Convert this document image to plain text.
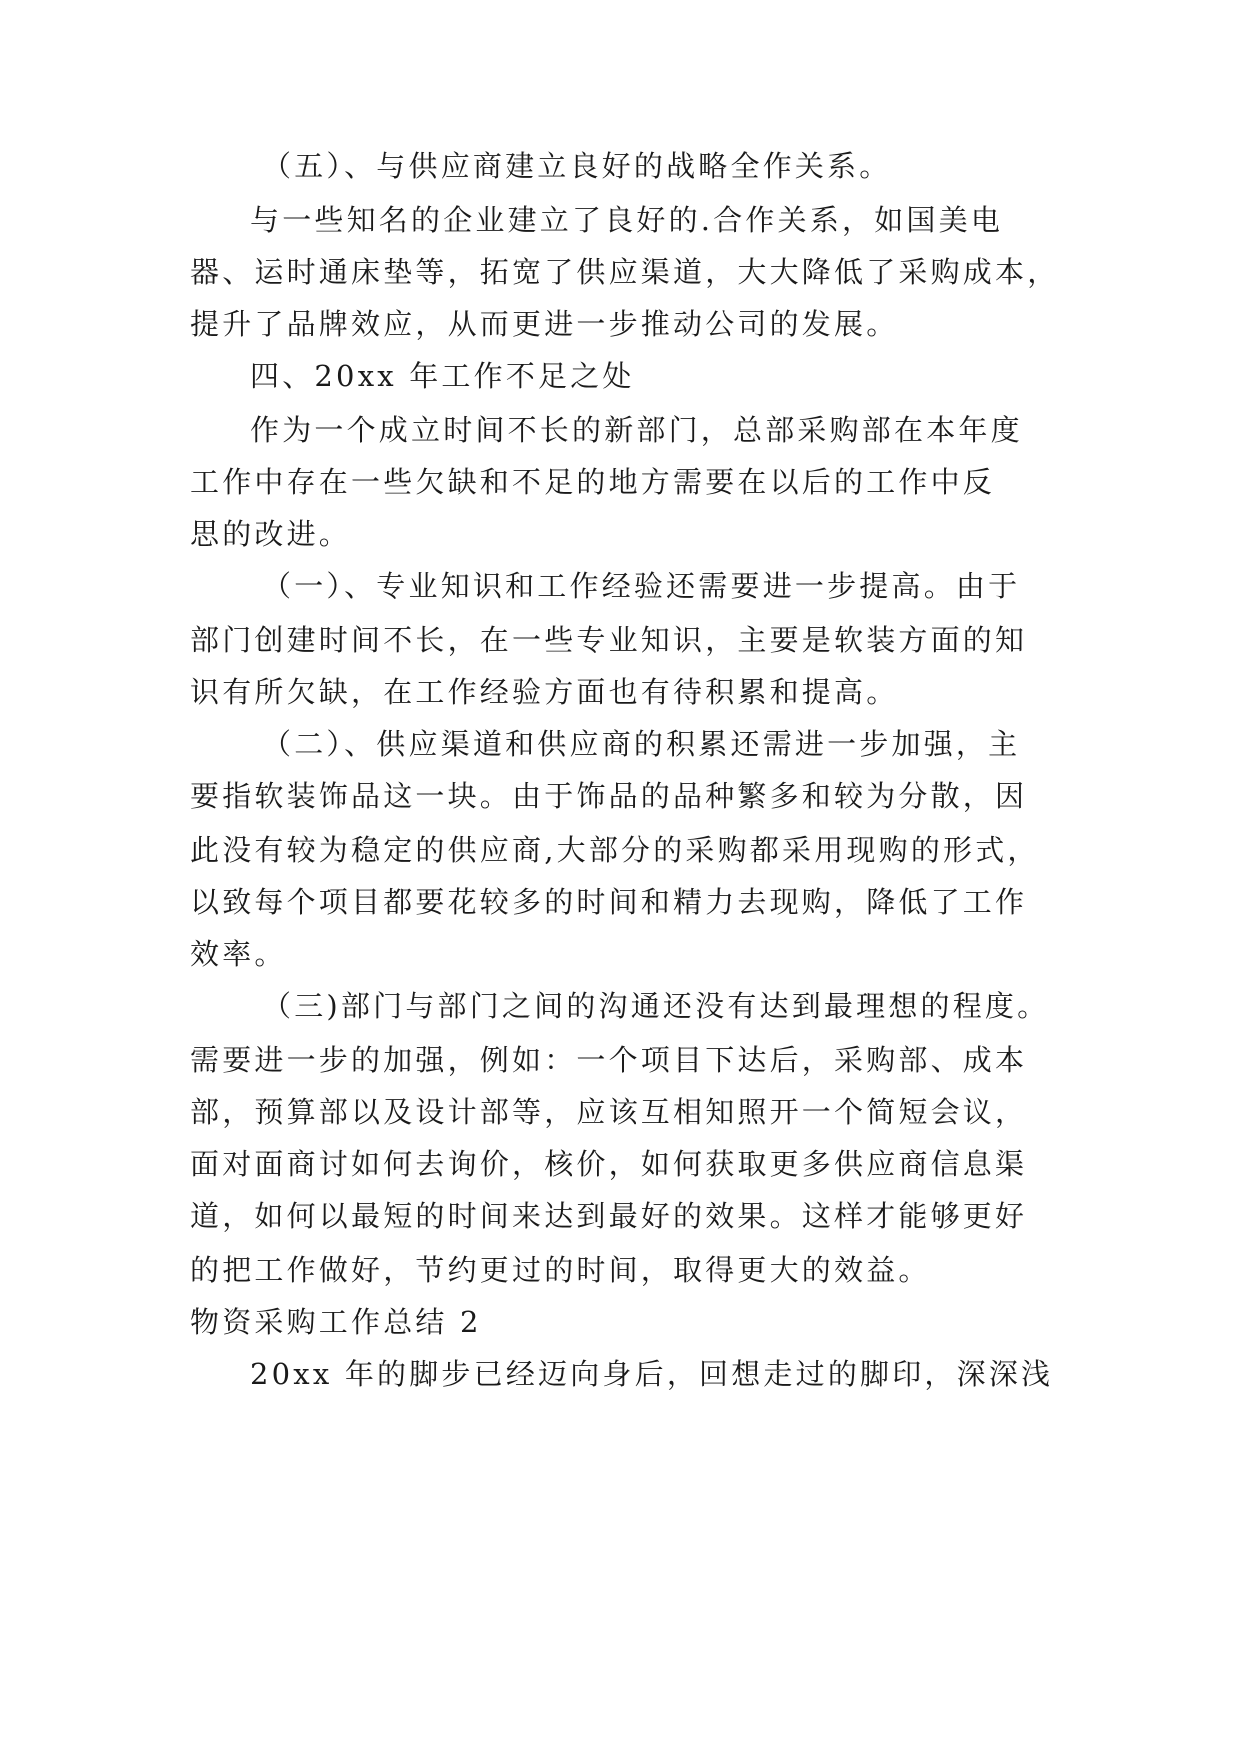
（五）、与供应商建立良好的战略全作关系。

与一些知名的企业建立了良好的.合作关系，如国美电

器、运时通床垫等，拓宽了供应渠道，大大降低了采购成本，

提升了品牌效应，从而更进一步推动公司的发展。

四、20xx 年工作不足之处

作为一个成立时间不长的新部门，总部采购部在本年度

工作中存在一些欠缺和不足的地方需要在以后的工作中反

思的改进。

（一）、专业知识和工作经验还需要进一步提高。由于

部门创建时间不长，在一些专业知识，主要是软装方面的知

识有所欠缺，在工作经验方面也有待积累和提高。

（二）、供应渠道和供应商的积累还需进一步加强，主

要指软装饰品这一块。由于饰品的品种繁多和较为分散，因

此没有较为稳定的供应商,大部分的采购都采用现购的形式，

以致每个项目都要花较多的时间和精力去现购，降低了工作

效率。

（三)部门与部门之间的沟通还没有达到最理想的程度。

需要进一步的加强，例如：一个项目下达后，采购部、成本

部，预算部以及设计部等，应该互相知照开一个简短会议，

面对面商讨如何去询价，核价，如何获取更多供应商信息渠

道，如何以最短的时间来达到最好的效果。这样才能够更好

的把工作做好，节约更过的时间，取得更大的效益。

物资采购工作总结 2

20xx 年的脚步已经迈向身后，回想走过的脚印，深深浅
